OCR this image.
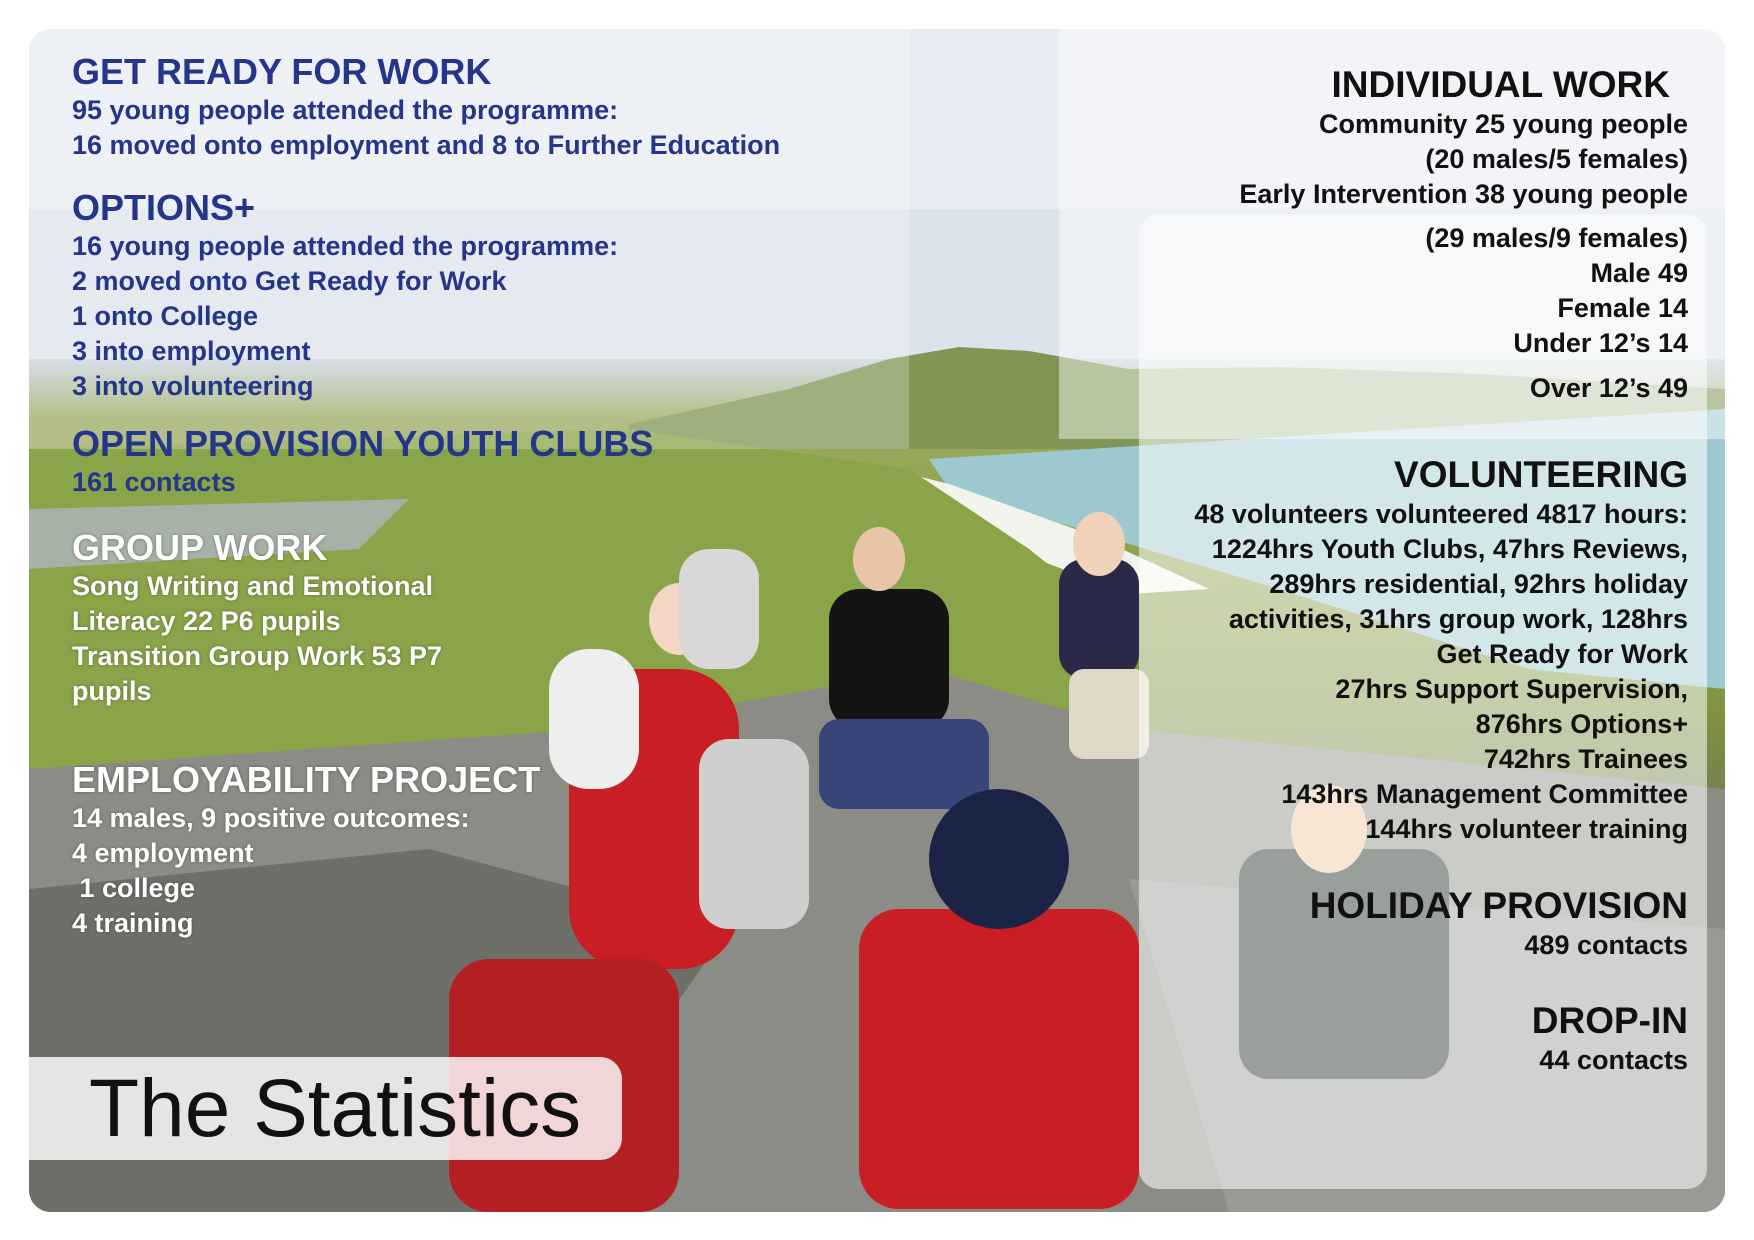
GET READY FOR WORK

95 young people attended the programme:

16 moved onto employment and 8 to Further Education

OPTIONS+

16 young people attended the programme:

2 moved onto Get Ready for Work

1 onto College

3 into employment

3 into volunteering

OPEN PROVISION YOUTH CLUBS

161 contacts

GROUP WORK

Song Writing and Emotional

Literacy 22 P6 pupils

Transition Group Work 53 P7

pupils

EMPLOYABILITY PROJECT

14 males, 9 positive outcomes:

4 employment

1 college

4 training

INDIVIDUAL WORK

Community 25 young people

(20 males/5 females)

Early Intervention 38 young people

(29 males/9 females)

Male 49

Female 14

Under 12’s 14

Over 12’s 49

VOLUNTEERING

48 volunteers volunteered 4817 hours:

1224hrs Youth Clubs, 47hrs Reviews,

289hrs residential, 92hrs holiday

activities, 31hrs group work, 128hrs

Get Ready for Work

27hrs Support Supervision,

876hrs Options+

742hrs Trainees

143hrs Management Committee

144hrs volunteer training

HOLIDAY PROVISION

489 contacts

DROP-IN

44 contacts

The Statistics
